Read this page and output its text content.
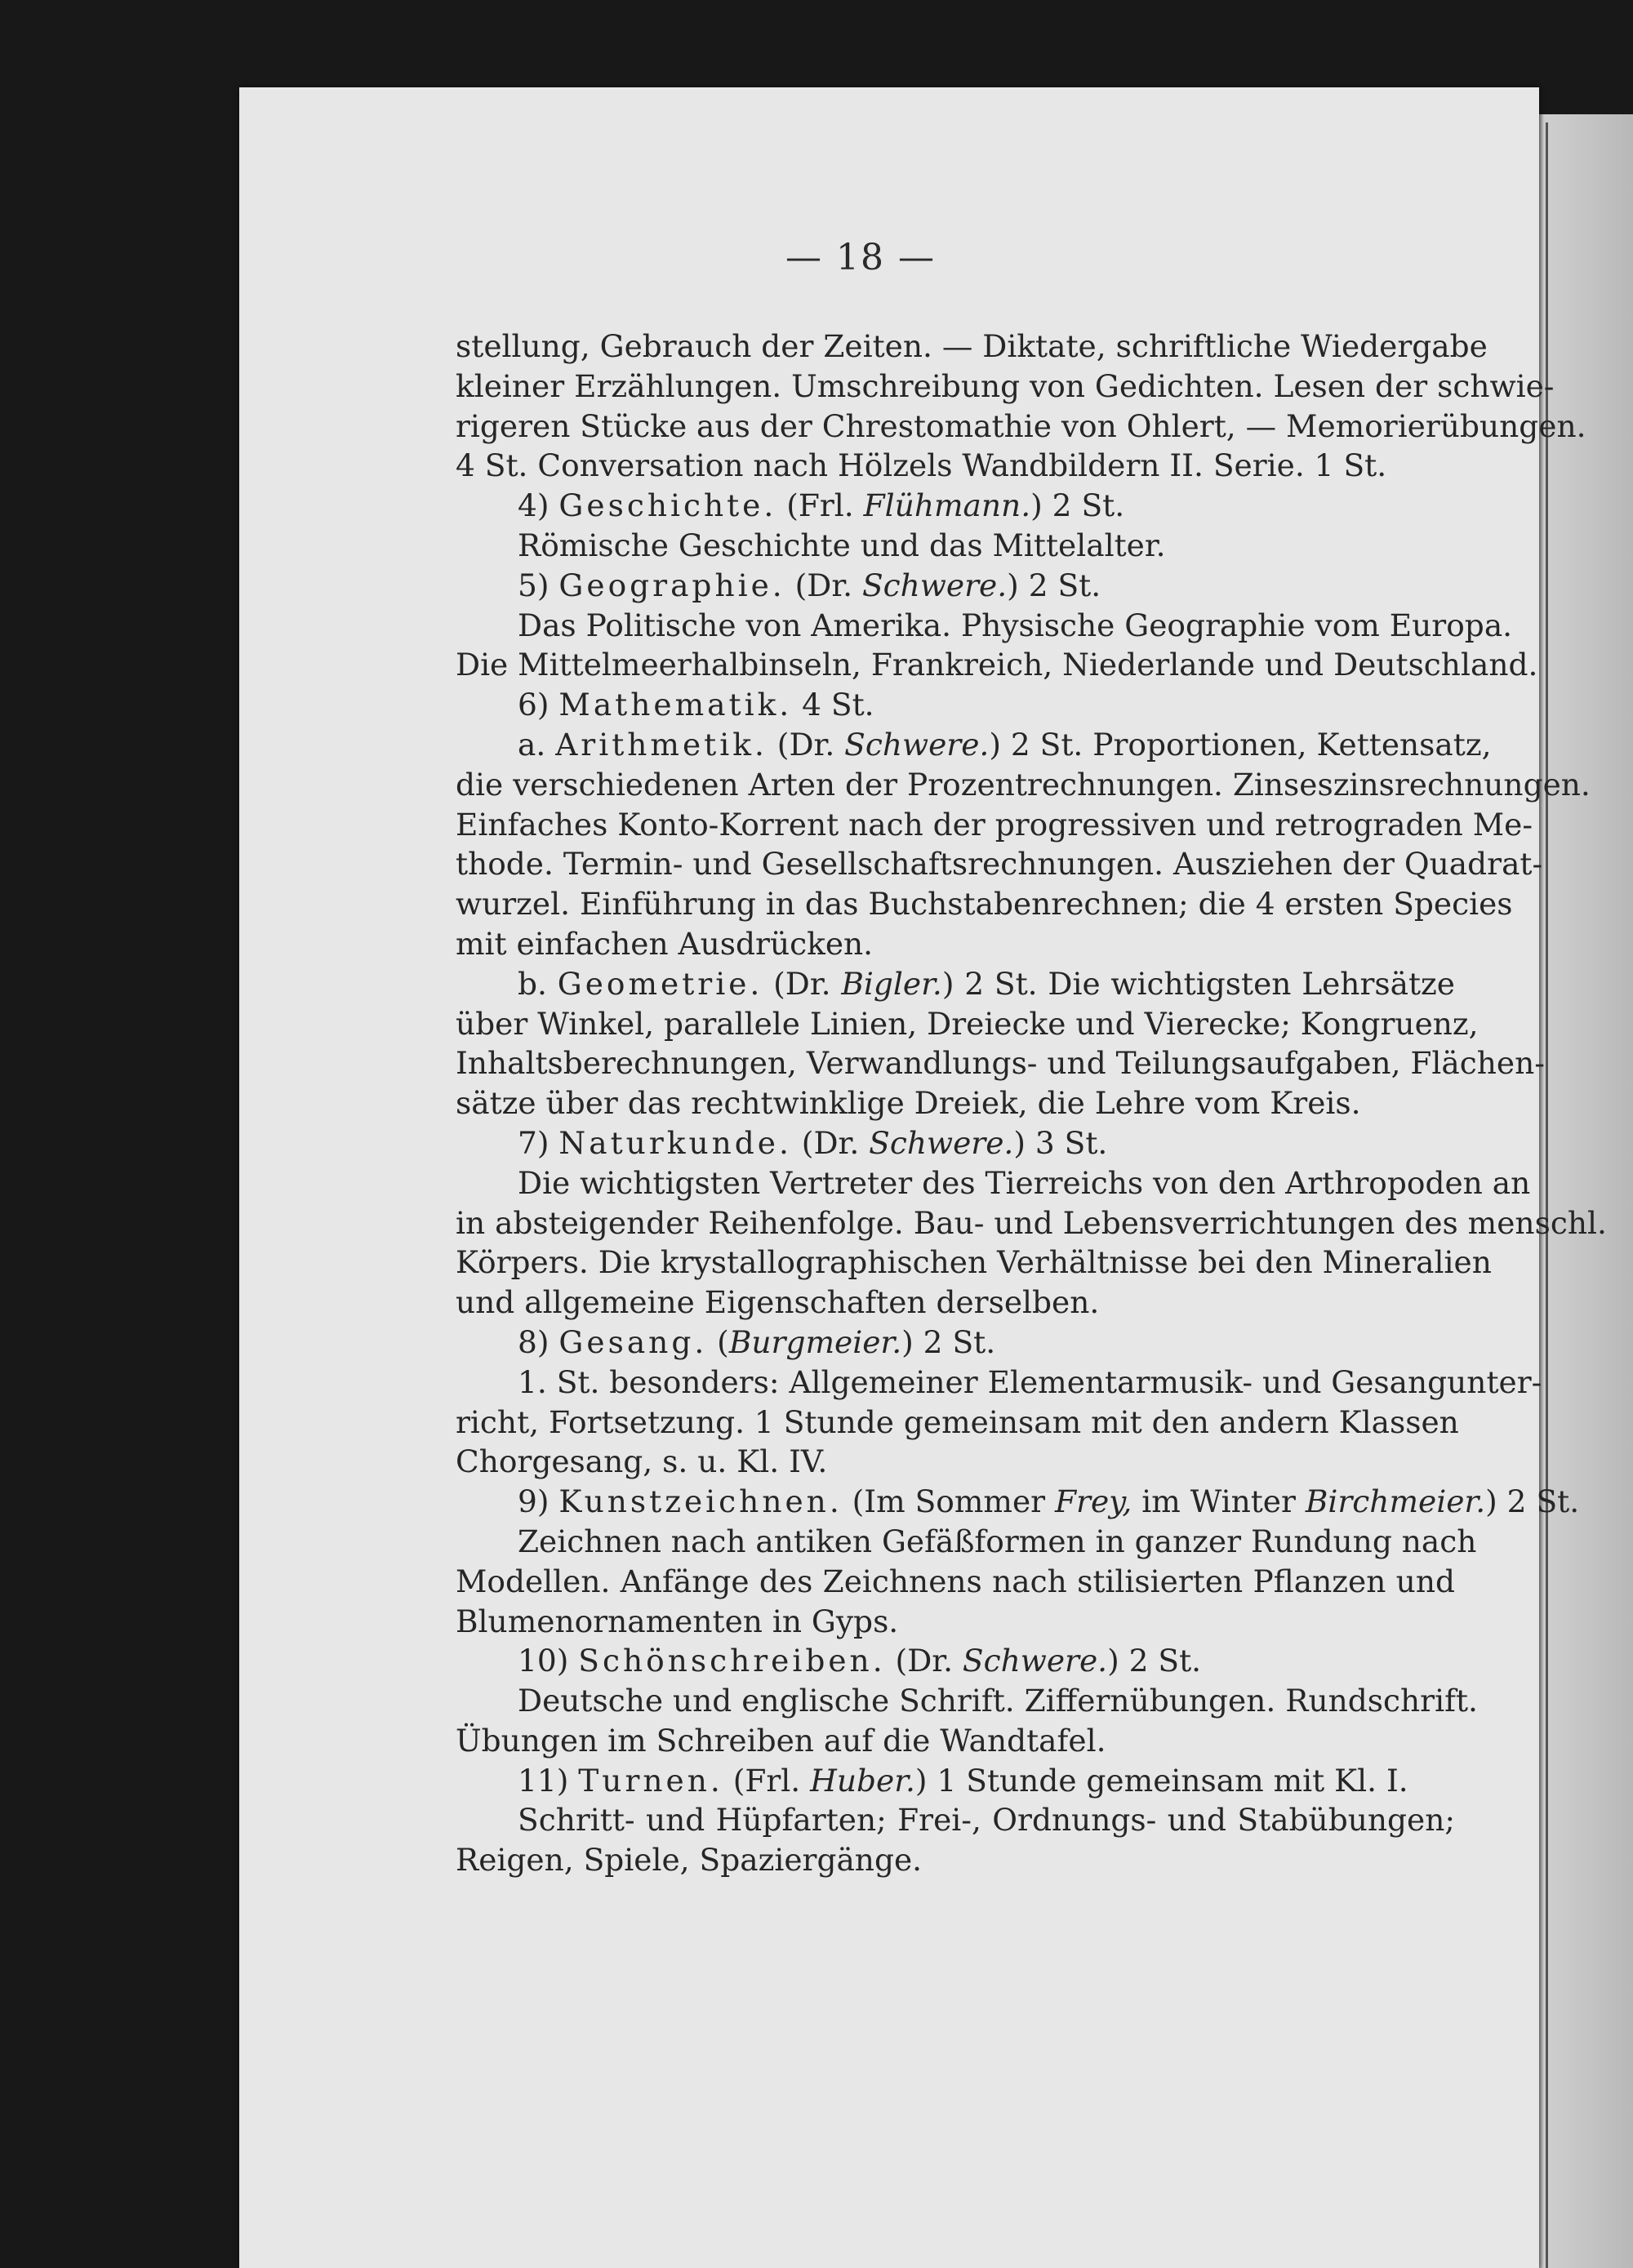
— 18 —
stellung, Gebrauch der Zeiten. — Diktate, schriftliche Wiedergabe
kleiner Erzählungen. Umschreibung von Gedichten. Lesen der schwie-
rigeren Stücke aus der Chrestomathie von Ohlert, — Memorierübungen.
4 St. Conversation nach Hölzels Wandbildern II. Serie. 1 St.
4) Geschichte. (Frl. Flühmann.) 2 St.
Römische Geschichte und das Mittelalter.
5) Geographie. (Dr. Schwere.) 2 St.
Das Politische von Amerika. Physische Geographie vom Europa.
Die Mittelmeerhalbinseln, Frankreich, Niederlande und Deutschland.
6) Mathematik. 4 St.
a. Arithmetik. (Dr. Schwere.) 2 St. Proportionen, Kettensatz,
die verschiedenen Arten der Prozentrechnungen. Zinseszinsrechnungen.
Einfaches Konto-Korrent nach der progressiven und retrograden Me-
thode. Termin- und Gesellschaftsrechnungen. Ausziehen der Quadrat-
wurzel. Einführung in das Buchstabenrechnen; die 4 ersten Species
mit einfachen Ausdrücken.
b. Geometrie. (Dr. Bigler.) 2 St. Die wichtigsten Lehrsätze
über Winkel, parallele Linien, Dreiecke und Vierecke; Kongruenz,
Inhaltsberechnungen, Verwandlungs- und Teilungsaufgaben, Flächen-
sätze über das rechtwinklige Dreiek, die Lehre vom Kreis.
7) Naturkunde. (Dr. Schwere.) 3 St.
Die wichtigsten Vertreter des Tierreichs von den Arthropoden an
in absteigender Reihenfolge. Bau- und Lebensverrichtungen des menschl.
Körpers. Die krystallographischen Verhältnisse bei den Mineralien
und allgemeine Eigenschaften derselben.
8) Gesang. (Burgmeier.) 2 St.
1. St. besonders: Allgemeiner Elementarmusik- und Gesangunter-
richt, Fortsetzung. 1 Stunde gemeinsam mit den andern Klassen
Chorgesang, s. u. Kl. IV.
9) Kunstzeichnen. (Im Sommer Frey, im Winter Birchmeier.) 2 St.
Zeichnen nach antiken Gefäßformen in ganzer Rundung nach
Modellen. Anfänge des Zeichnens nach stilisierten Pflanzen und
Blumenornamenten in Gyps.
10) Schönschreiben. (Dr. Schwere.) 2 St.
Deutsche und englische Schrift. Ziffernübungen. Rundschrift.
Übungen im Schreiben auf die Wandtafel.
11) Turnen. (Frl. Huber.) 1 Stunde gemeinsam mit Kl. I.
Schritt- und Hüpfarten; Frei-, Ordnungs- und Stabübungen;
Reigen, Spiele, Spaziergänge.
